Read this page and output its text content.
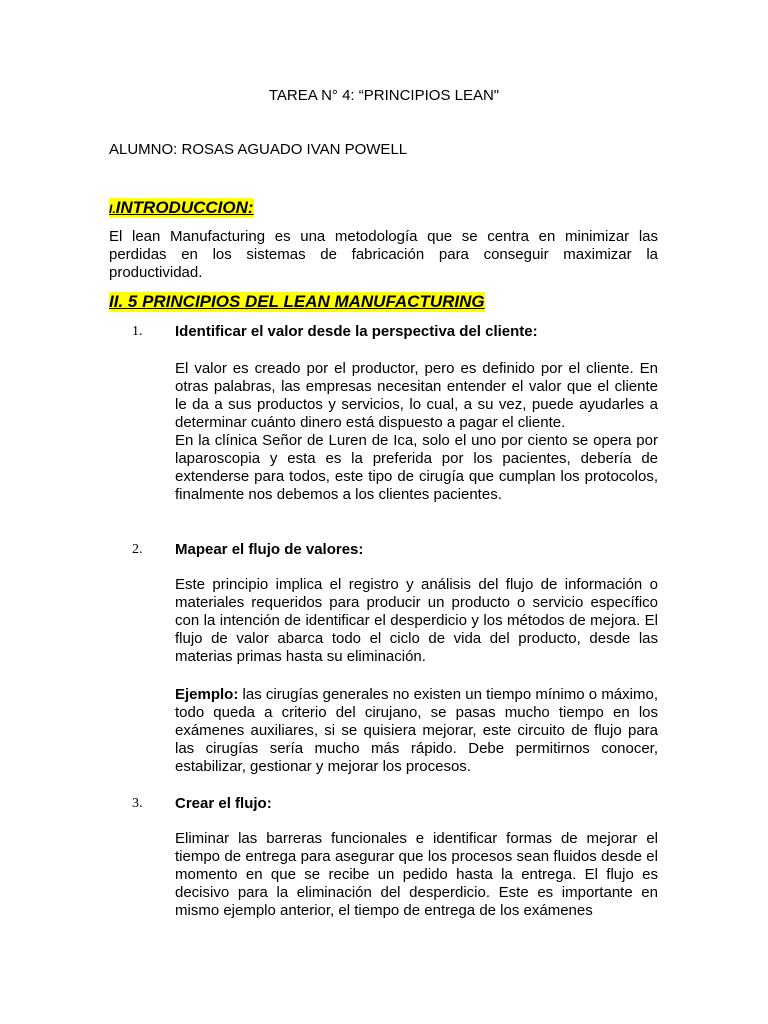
TAREA N° 4: “PRINCIPIOS LEAN"
ALUMNO: ROSAS AGUADO IVAN POWELL
I.INTRODUCCION:
El lean Manufacturing es una metodología que se centra en minimizar las perdidas en los sistemas de fabricación para conseguir maximizar la productividad.
II. 5 PRINCIPIOS DEL LEAN MANUFACTURING
1. Identificar el valor desde la perspectiva del cliente:

El valor es creado por el productor, pero es definido por el cliente. En otras palabras, las empresas necesitan entender el valor que el cliente le da a sus productos y servicios, lo cual, a su vez, puede ayudarles a determinar cuánto dinero está dispuesto a pagar el cliente.

En la clínica Señor de Luren de Ica, solo el uno por ciento se opera por laparoscopia y esta es la preferida por los pacientes, debería de extenderse para todos, este tipo de cirugía que cumplan los protocolos, finalmente nos debemos a los clientes pacientes.

2. Mapear el flujo de valores:

Este principio implica el registro y análisis del flujo de información o materiales requeridos para producir un producto o servicio específico con la intención de identificar el desperdicio y los métodos de mejora. El flujo de valor abarca todo el ciclo de vida del producto, desde las materias primas hasta su eliminación.

Ejemplo: las cirugías generales no existen un tiempo mínimo o máximo, todo queda a criterio del cirujano, se pasas mucho tiempo en los exámenes auxiliares, si se quisiera mejorar, este circuito de flujo para las cirugías sería mucho más rápido. Debe permitirnos conocer, estabilizar, gestionar y mejorar los procesos.

3. Crear el flujo:

Eliminar las barreras funcionales e identificar formas de mejorar el tiempo de entrega para asegurar que los procesos sean fluidos desde el momento en que se recibe un pedido hasta la entrega. El flujo es decisivo para la eliminación del desperdicio. Este es importante en mismo ejemplo anterior, el tiempo de entrega de los exámenes
